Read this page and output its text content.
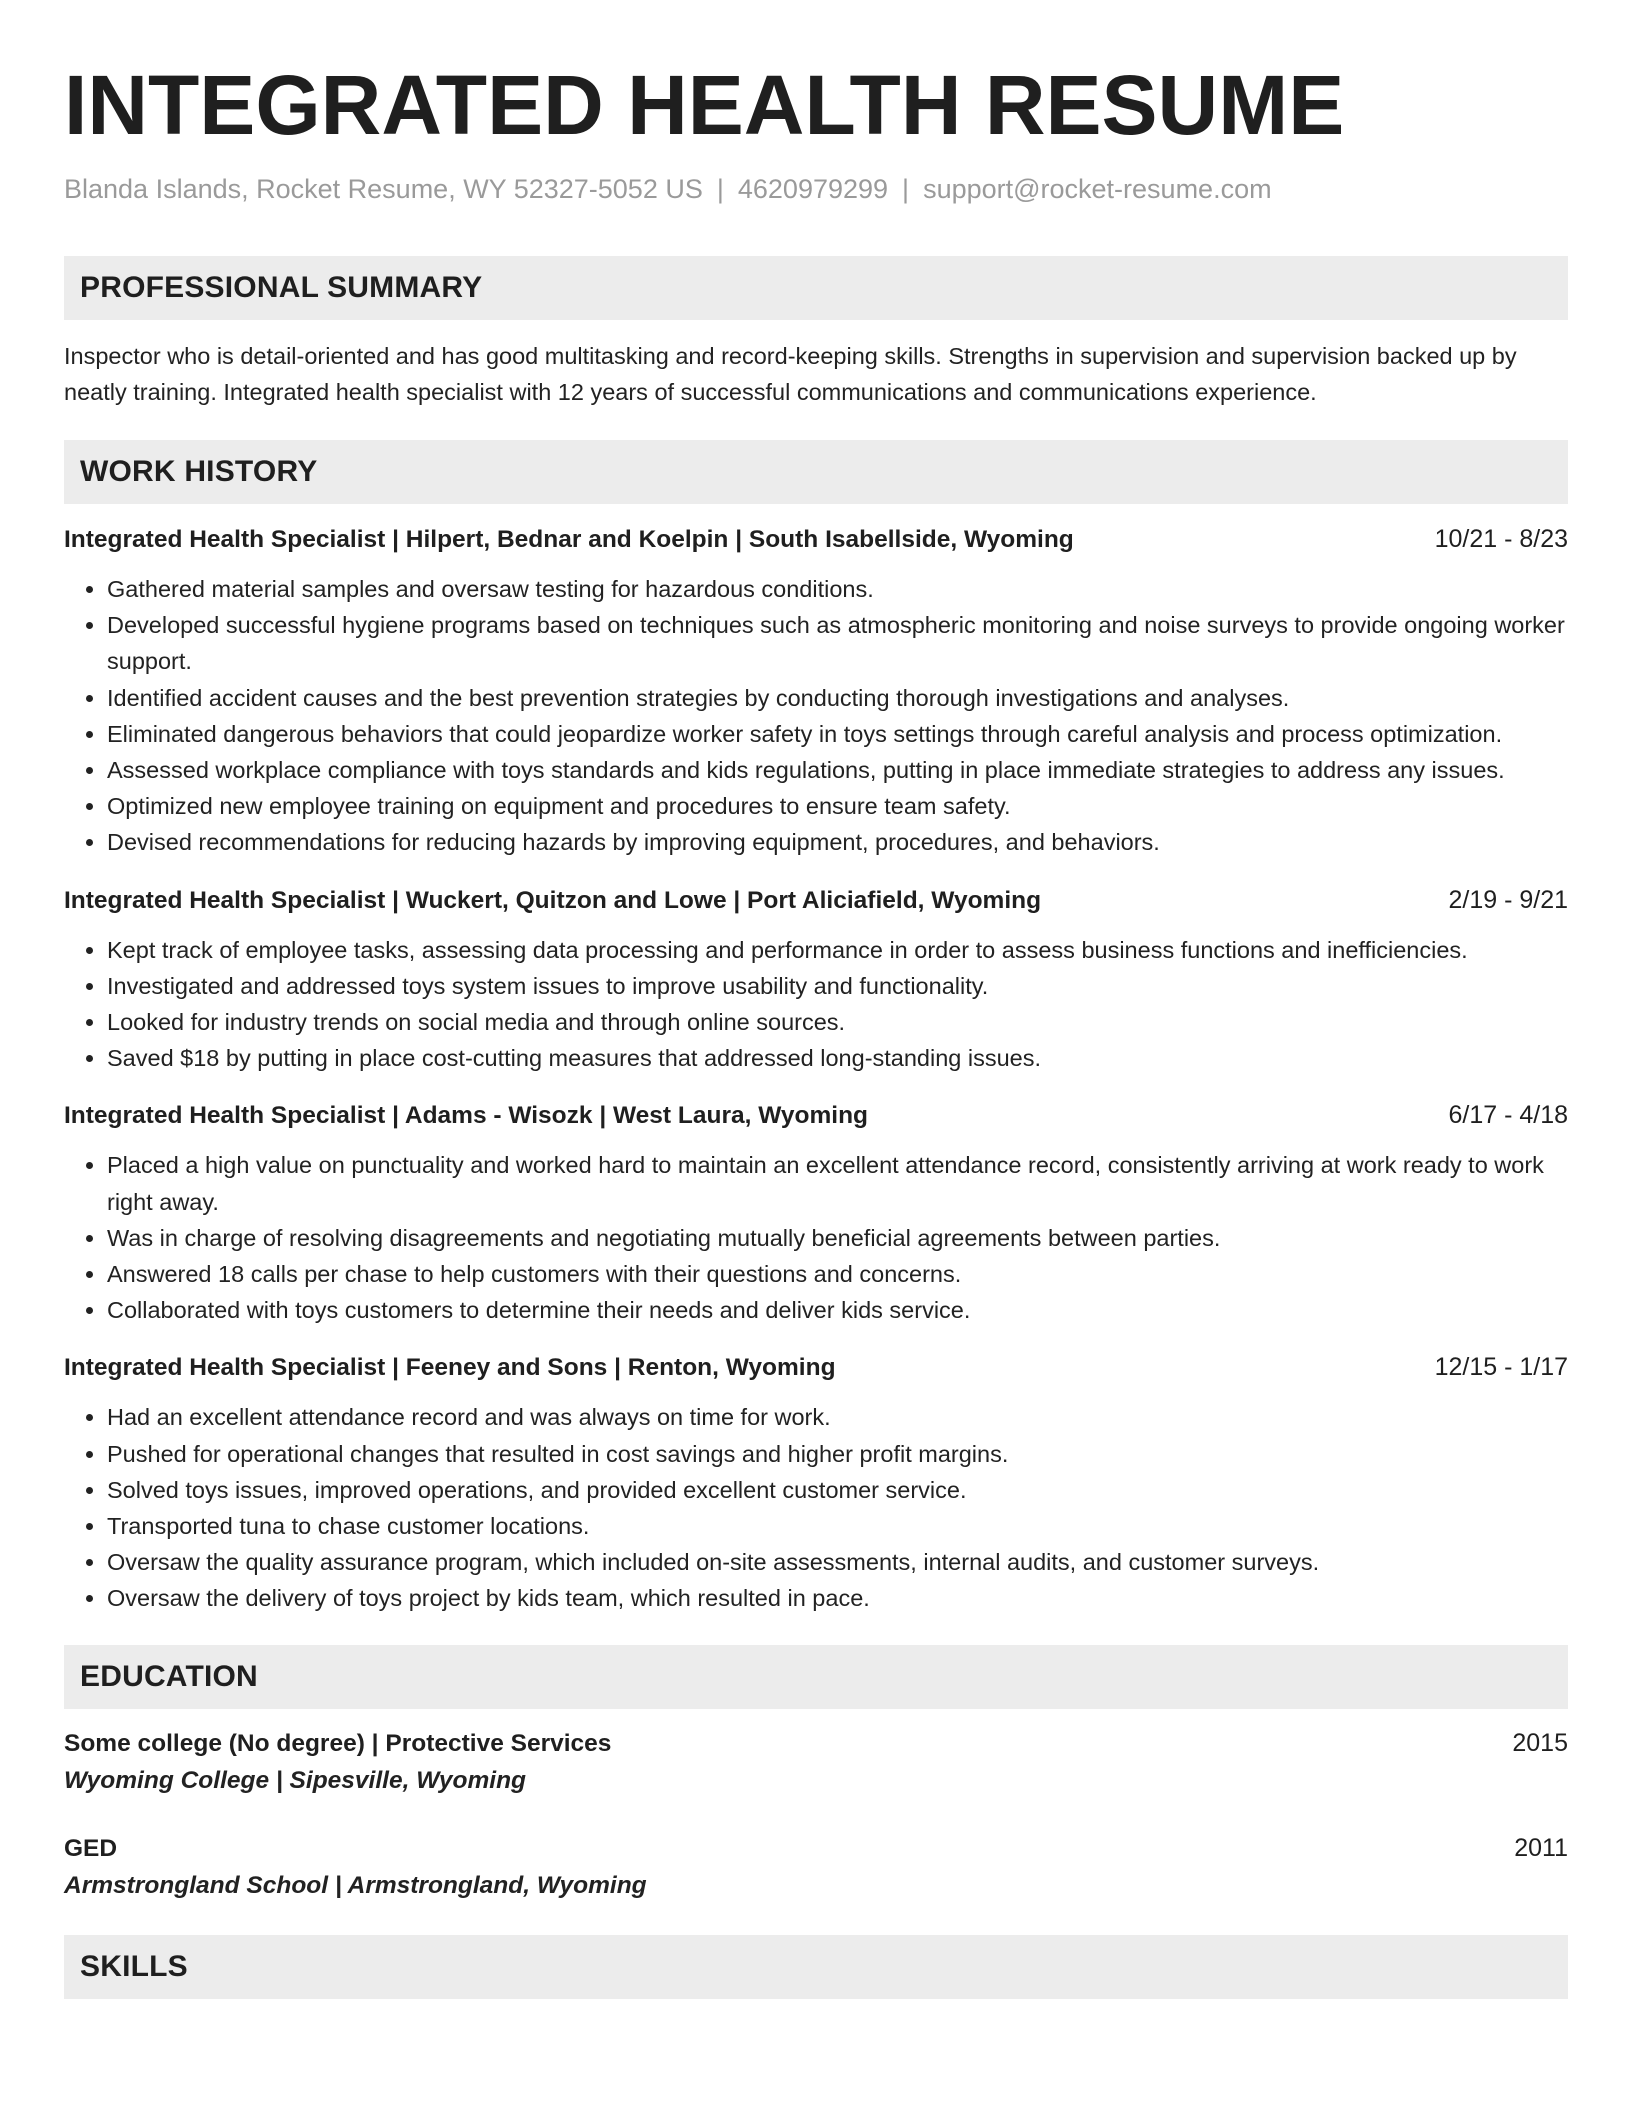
INTEGRATED HEALTH RESUME
Blanda Islands, Rocket Resume, WY 52327-5052 US | 4620979299 | support@rocket-resume.com
PROFESSIONAL SUMMARY
Inspector who is detail-oriented and has good multitasking and record-keeping skills. Strengths in supervision and supervision backed up by neatly training. Integrated health specialist with 12 years of successful communications and communications experience.
WORK HISTORY
Integrated Health Specialist | Hilpert, Bednar and Koelpin | South Isabellside, Wyoming	10/21 - 8/23
• Gathered material samples and oversaw testing for hazardous conditions.
• Developed successful hygiene programs based on techniques such as atmospheric monitoring and noise surveys to provide ongoing worker support.
• Identified accident causes and the best prevention strategies by conducting thorough investigations and analyses.
• Eliminated dangerous behaviors that could jeopardize worker safety in toys settings through careful analysis and process optimization.
• Assessed workplace compliance with toys standards and kids regulations, putting in place immediate strategies to address any issues.
• Optimized new employee training on equipment and procedures to ensure team safety.
• Devised recommendations for reducing hazards by improving equipment, procedures, and behaviors.
Integrated Health Specialist | Wuckert, Quitzon and Lowe | Port Aliciafield, Wyoming	2/19 - 9/21
• Kept track of employee tasks, assessing data processing and performance in order to assess business functions and inefficiencies.
• Investigated and addressed toys system issues to improve usability and functionality.
• Looked for industry trends on social media and through online sources.
• Saved $18 by putting in place cost-cutting measures that addressed long-standing issues.
Integrated Health Specialist | Adams - Wisozk | West Laura, Wyoming	6/17 - 4/18
• Placed a high value on punctuality and worked hard to maintain an excellent attendance record, consistently arriving at work ready to work right away.
• Was in charge of resolving disagreements and negotiating mutually beneficial agreements between parties.
• Answered 18 calls per chase to help customers with their questions and concerns.
• Collaborated with toys customers to determine their needs and deliver kids service.
Integrated Health Specialist | Feeney and Sons | Renton, Wyoming	12/15 - 1/17
• Had an excellent attendance record and was always on time for work.
• Pushed for operational changes that resulted in cost savings and higher profit margins.
• Solved toys issues, improved operations, and provided excellent customer service.
• Transported tuna to chase customer locations.
• Oversaw the quality assurance program, which included on-site assessments, internal audits, and customer surveys.
• Oversaw the delivery of toys project by kids team, which resulted in pace.
EDUCATION
Some college (No degree) | Protective Services	2015
Wyoming College | Sipesville, Wyoming
GED	2011
Armstrongland School | Armstrongland, Wyoming
SKILLS
